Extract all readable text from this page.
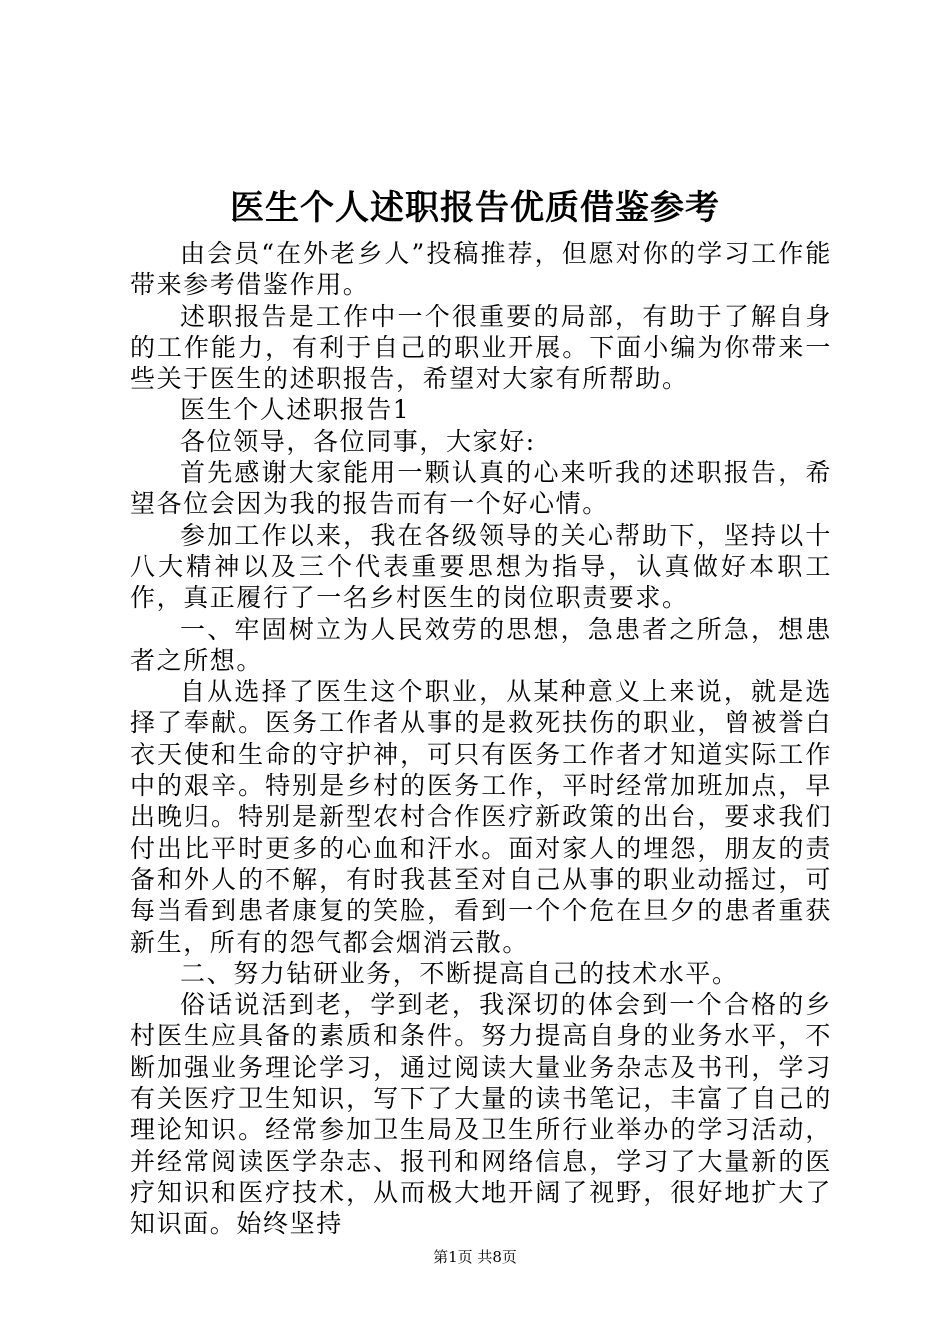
医生个人述职报告优质借鉴参考

由会员“在外老乡人”投稿推荐，但愿对你的学习工作能带来参考借鉴作用。

述职报告是工作中一个很重要的局部，有助于了解自身的工作能力，有利于自己的职业开展。下面小编为你带来一些关于医生的述职报告，希望对大家有所帮助。

医生个人述职报告1

各位领导，各位同事，大家好:

首先感谢大家能用一颗认真的心来听我的述职报告，希望各位会因为我的报告而有一个好心情。

参加工作以来，我在各级领导的关心帮助下，坚持以十八大精神以及三个代表重要思想为指导，认真做好本职工作，真正履行了一名乡村医生的岗位职责要求。

一、牢固树立为人民效劳的思想，急患者之所急，想患者之所想。

自从选择了医生这个职业，从某种意义上来说，就是选择了奉献。医务工作者从事的是救死扶伤的职业，曾被誉白衣天使和生命的守护神，可只有医务工作者才知道实际工作中的艰辛。特别是乡村的医务工作，平时经常加班加点，早出晚归。特别是新型农村合作医疗新政策的出台，要求我们付出比平时更多的心血和汗水。面对家人的埋怨，朋友的责备和外人的不解，有时我甚至对自己从事的职业动摇过，可每当看到患者康复的笑脸，看到一个个危在旦夕的患者重获新生，所有的怨气都会烟消云散。

二、努力钻研业务，不断提高自己的技术水平。

俗话说活到老，学到老，我深切的体会到一个合格的乡村医生应具备的素质和条件。努力提高自身的业务水平，不断加强业务理论学习，通过阅读大量业务杂志及书刊，学习有关医疗卫生知识，写下了大量的读书笔记，丰富了自己的理论知识。经常参加卫生局及卫生所行业举办的学习活动，并经常阅读医学杂志、报刊和网络信息，学习了大量新的医疗知识和医疗技术，从而极大地开阔了视野，很好地扩大了知识面。始终坚持

第1页 共8页
